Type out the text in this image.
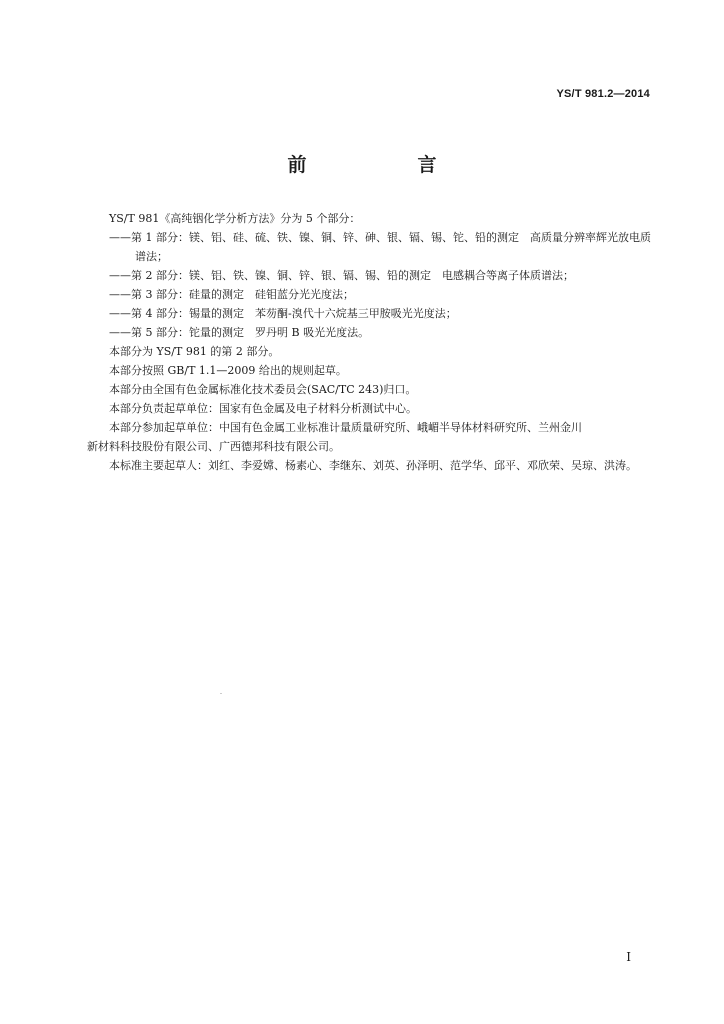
YS/T 981.2—2014
前　言

YS/T 981《高纯铟化学分析方法》分为 5 个部分：

——第 1 部分：镁、铝、硅、硫、铁、镍、铜、锌、砷、银、镉、锡、铊、铅的测定　高质量分辨率辉光放电质

谱法；

——第 2 部分：镁、铝、铁、镍、铜、锌、银、镉、锡、铅的测定　电感耦合等离子体质谱法；

——第 3 部分：硅量的测定　硅钼蓝分光光度法；

——第 4 部分：锡量的测定　苯芴酮-溴代十六烷基三甲胺吸光光度法；

——第 5 部分：铊量的测定　罗丹明 B 吸光光度法。

本部分为 YS/T 981 的第 2 部分。

本部分按照 GB/T 1.1—2009 给出的规则起草。

本部分由全国有色金属标准化技术委员会(SAC/TC 243)归口。

本部分负责起草单位：国家有色金属及电子材料分析测试中心。

本部分参加起草单位：中国有色金属工业标准计量质量研究所、峨嵋半导体材料研究所、兰州金川

新材料科技股份有限公司、广西德邦科技有限公司。

本标准主要起草人：刘红、李爱嫦、杨素心、李继东、刘英、孙泽明、范学华、邱平、邓欣荣、吴琼、洪涛。

I
